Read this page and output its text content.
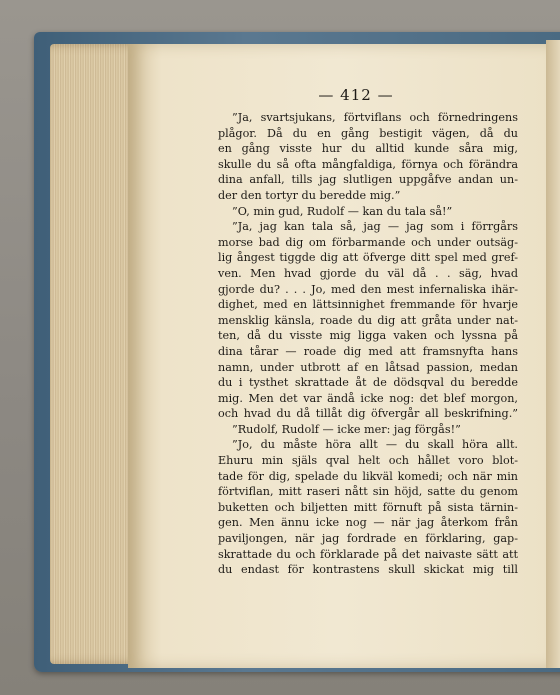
— 412 —
”Ja, svartsjukans, förtviflans och förnedringens
plågor. Då du en gång bestigit vägen, då du
en gång visste hur du alltid kunde såra mig,
skulle du så ofta mångfaldiga, förnya och förändra
dina anfall, tills jag slutligen uppgåfve andan un-
der den tortyr du beredde mig.”
”O, min gud, Rudolf — kan du tala så!”
”Ja, jag kan tala så, jag — jag som i förrgårs
morse bad dig om förbarmande och under outsäg-
lig ångest tiggde dig att öfverge ditt spel med gref-
ven. Men hvad gjorde du väl då . . säg, hvad
gjorde du? . . . Jo, med den mest infernaliska ihär-
dighet, med en lättsinnighet fremmande för hvarje
mensklig känsla, roade du dig att gråta under nat-
ten, då du visste mig ligga vaken och lyssna på
dina tårar — roade dig med att framsnyfta hans
namn, under utbrott af en låtsad passion, medan
du i tysthet skrattade åt de dödsqval du beredde
mig. Men det var ändå icke nog: det blef morgon,
och hvad du då tillåt dig öfvergår all beskrifning.”
”Rudolf, Rudolf — icke mer: jag förgås!”
”Jo, du måste höra allt — du skall höra allt.
Ehuru min själs qval helt och hållet voro blot-
tade för dig, spelade du likväl komedi; och när min
förtviflan, mitt raseri nått sin höjd, satte du genom
buketten och biljetten mitt förnuft på sista tärnin-
gen. Men ännu icke nog — när jag återkom från
paviljongen, när jag fordrade en förklaring, gap-
skrattade du och förklarade på det naivaste sätt att
du endast för kontrastens skull skickat mig till
